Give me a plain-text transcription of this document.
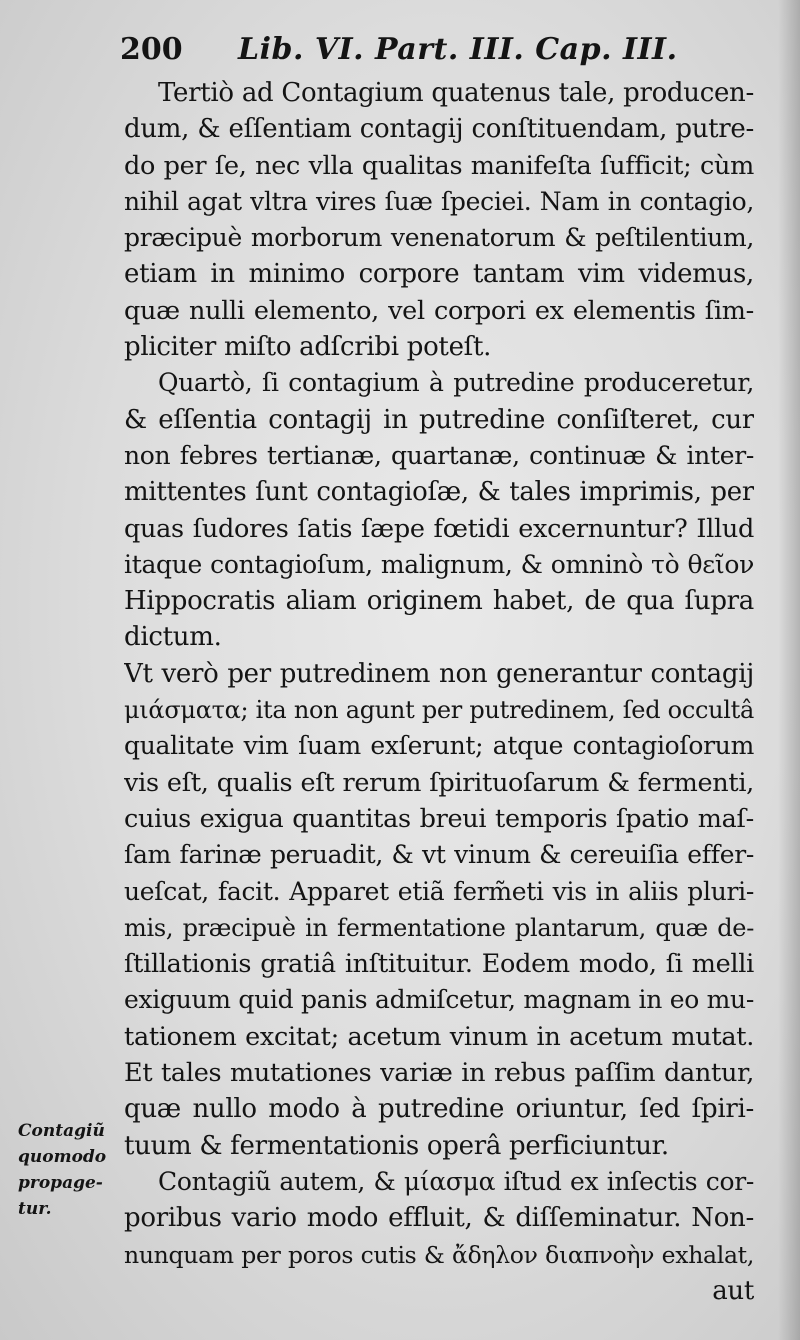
200 Lib. VI. Part. III. Cap. III.
Tertiò ad Contagium quatenus tale, producen-
dum, & eſſentiam contagij conſtituendam, putre-
do per ſe, nec vlla qualitas manifeſta ſufficit; cùm
nihil agat vltra vires ſuæ ſpeciei. Nam in contagio,
præcipuè morborum venenatorum & peſtilentium,
etiam in minimo corpore tantam vim videmus,
quæ nulli elemento, vel corpori ex elementis ſim-
pliciter miſto adſcribi poteſt.
Quartò, ſi contagium à putredine produceretur,
& eſſentia contagij in putredine conſiſteret, cur
non febres tertianæ, quartanæ, continuæ & inter-
mittentes ſunt contagioſæ, & tales imprimis, per
quas ſudores ſatis ſæpe fœtidi excernuntur? Illud
itaque contagioſum, malignum, & omninò τὸ θεῖον
Hippocratis aliam originem habet, de qua ſupra
dictum.
Vt verò per putredinem non generantur contagij
μιάσματα; ita non agunt per putredinem, ſed occultâ
qualitate vim ſuam exſerunt; atque contagioſorum
vis eſt, qualis eſt rerum ſpirituoſarum & fermenti,
cuius exigua quantitas breui temporis ſpatio maſ-
ſam farinæ peruadit, & vt vinum & cereuiſia effer-
ueſcat, facit. Apparet etiã ferm̃eti vis in aliis pluri-
mis, præcipuè in fermentatione plantarum, quæ de-
ſtillationis gratiâ inſtituitur. Eodem modo, ſi melli
exiguum quid panis admiſcetur, magnam in eo mu-
tationem excitat; acetum vinum in acetum mutat.
Et tales mutationes variæ in rebus paſſim dantur,
quæ nullo modo à putredine oriuntur, ſed ſpiri-
tuum & fermentationis operâ perficiuntur.
Contagiũ autem, & μίασμα iſtud ex inſectis cor-
poribus vario modo effluit, & diſſeminatur. Non-
nunquam per poros cutis & ἄδηλον διαπνοὴν exhalat,
aut
Contagiũ
quomodo
propage-
tur.
